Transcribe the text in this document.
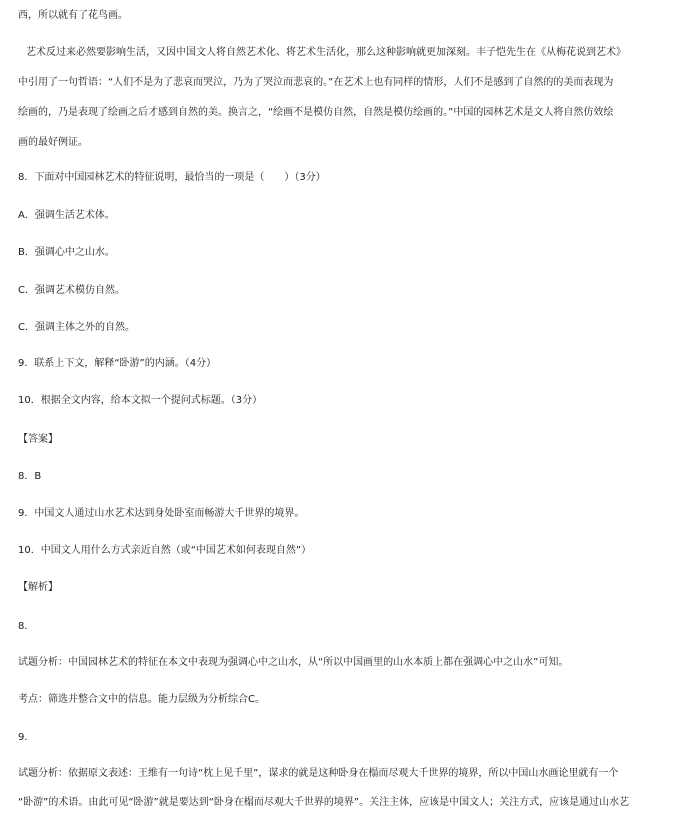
西，所以就有了花鸟画。
艺术反过来必然要影响生活，又因中国文人将自然艺术化、将艺术生活化，那么这种影响就更加深刻。丰子恺先生在《从梅花说到艺术》
中引用了一句哲语：“人们不是为了悲哀而哭泣，乃为了哭泣而悲哀的。”在艺术上也有同样的情形，人们不是感到了自然的的美而表现为
绘画的，乃是表现了绘画之后才感到自然的美。换言之，“绘画不是模仿自然，自然是模仿绘画的。”中国的园林艺术是文人将自然仿效绘
画的最好例证。
8．下面对中国园林艺术的特征说明，最恰当的一项是（　　）（3分）
A．强调生活艺术体。
B．强调心中之山水。
C．强调艺术模仿自然。
C．强调主体之外的自然。
9．联系上下文，解释“卧游”的内涵。（4分）
10．根据全文内容，给本文拟一个提问式标题。（3分）
【答案】
8．B
9．中国文人通过山水艺术达到身处卧室而畅游大千世界的境界。
10．中国文人用什么方式亲近自然（或“中国艺术如何表现自然”）
【解析】
8．
试题分析：中国园林艺术的特征在本文中表现为强调心中之山水，从“所以中国画里的山水本质上都在强调心中之山水”可知。
考点：筛选并整合文中的信息。能力层级为分析综合C。
9．
试题分析：依据原文表述：王维有一句诗“枕上见千里”，谋求的就是这种卧身在榻而尽观大千世界的境界，所以中国山水画论里就有一个
“卧游”的术语。由此可见“卧游”就是要达到“卧身在榻而尽观大千世界的境界”。关注主体，应该是中国文人；关注方式，应该是通过山水艺
